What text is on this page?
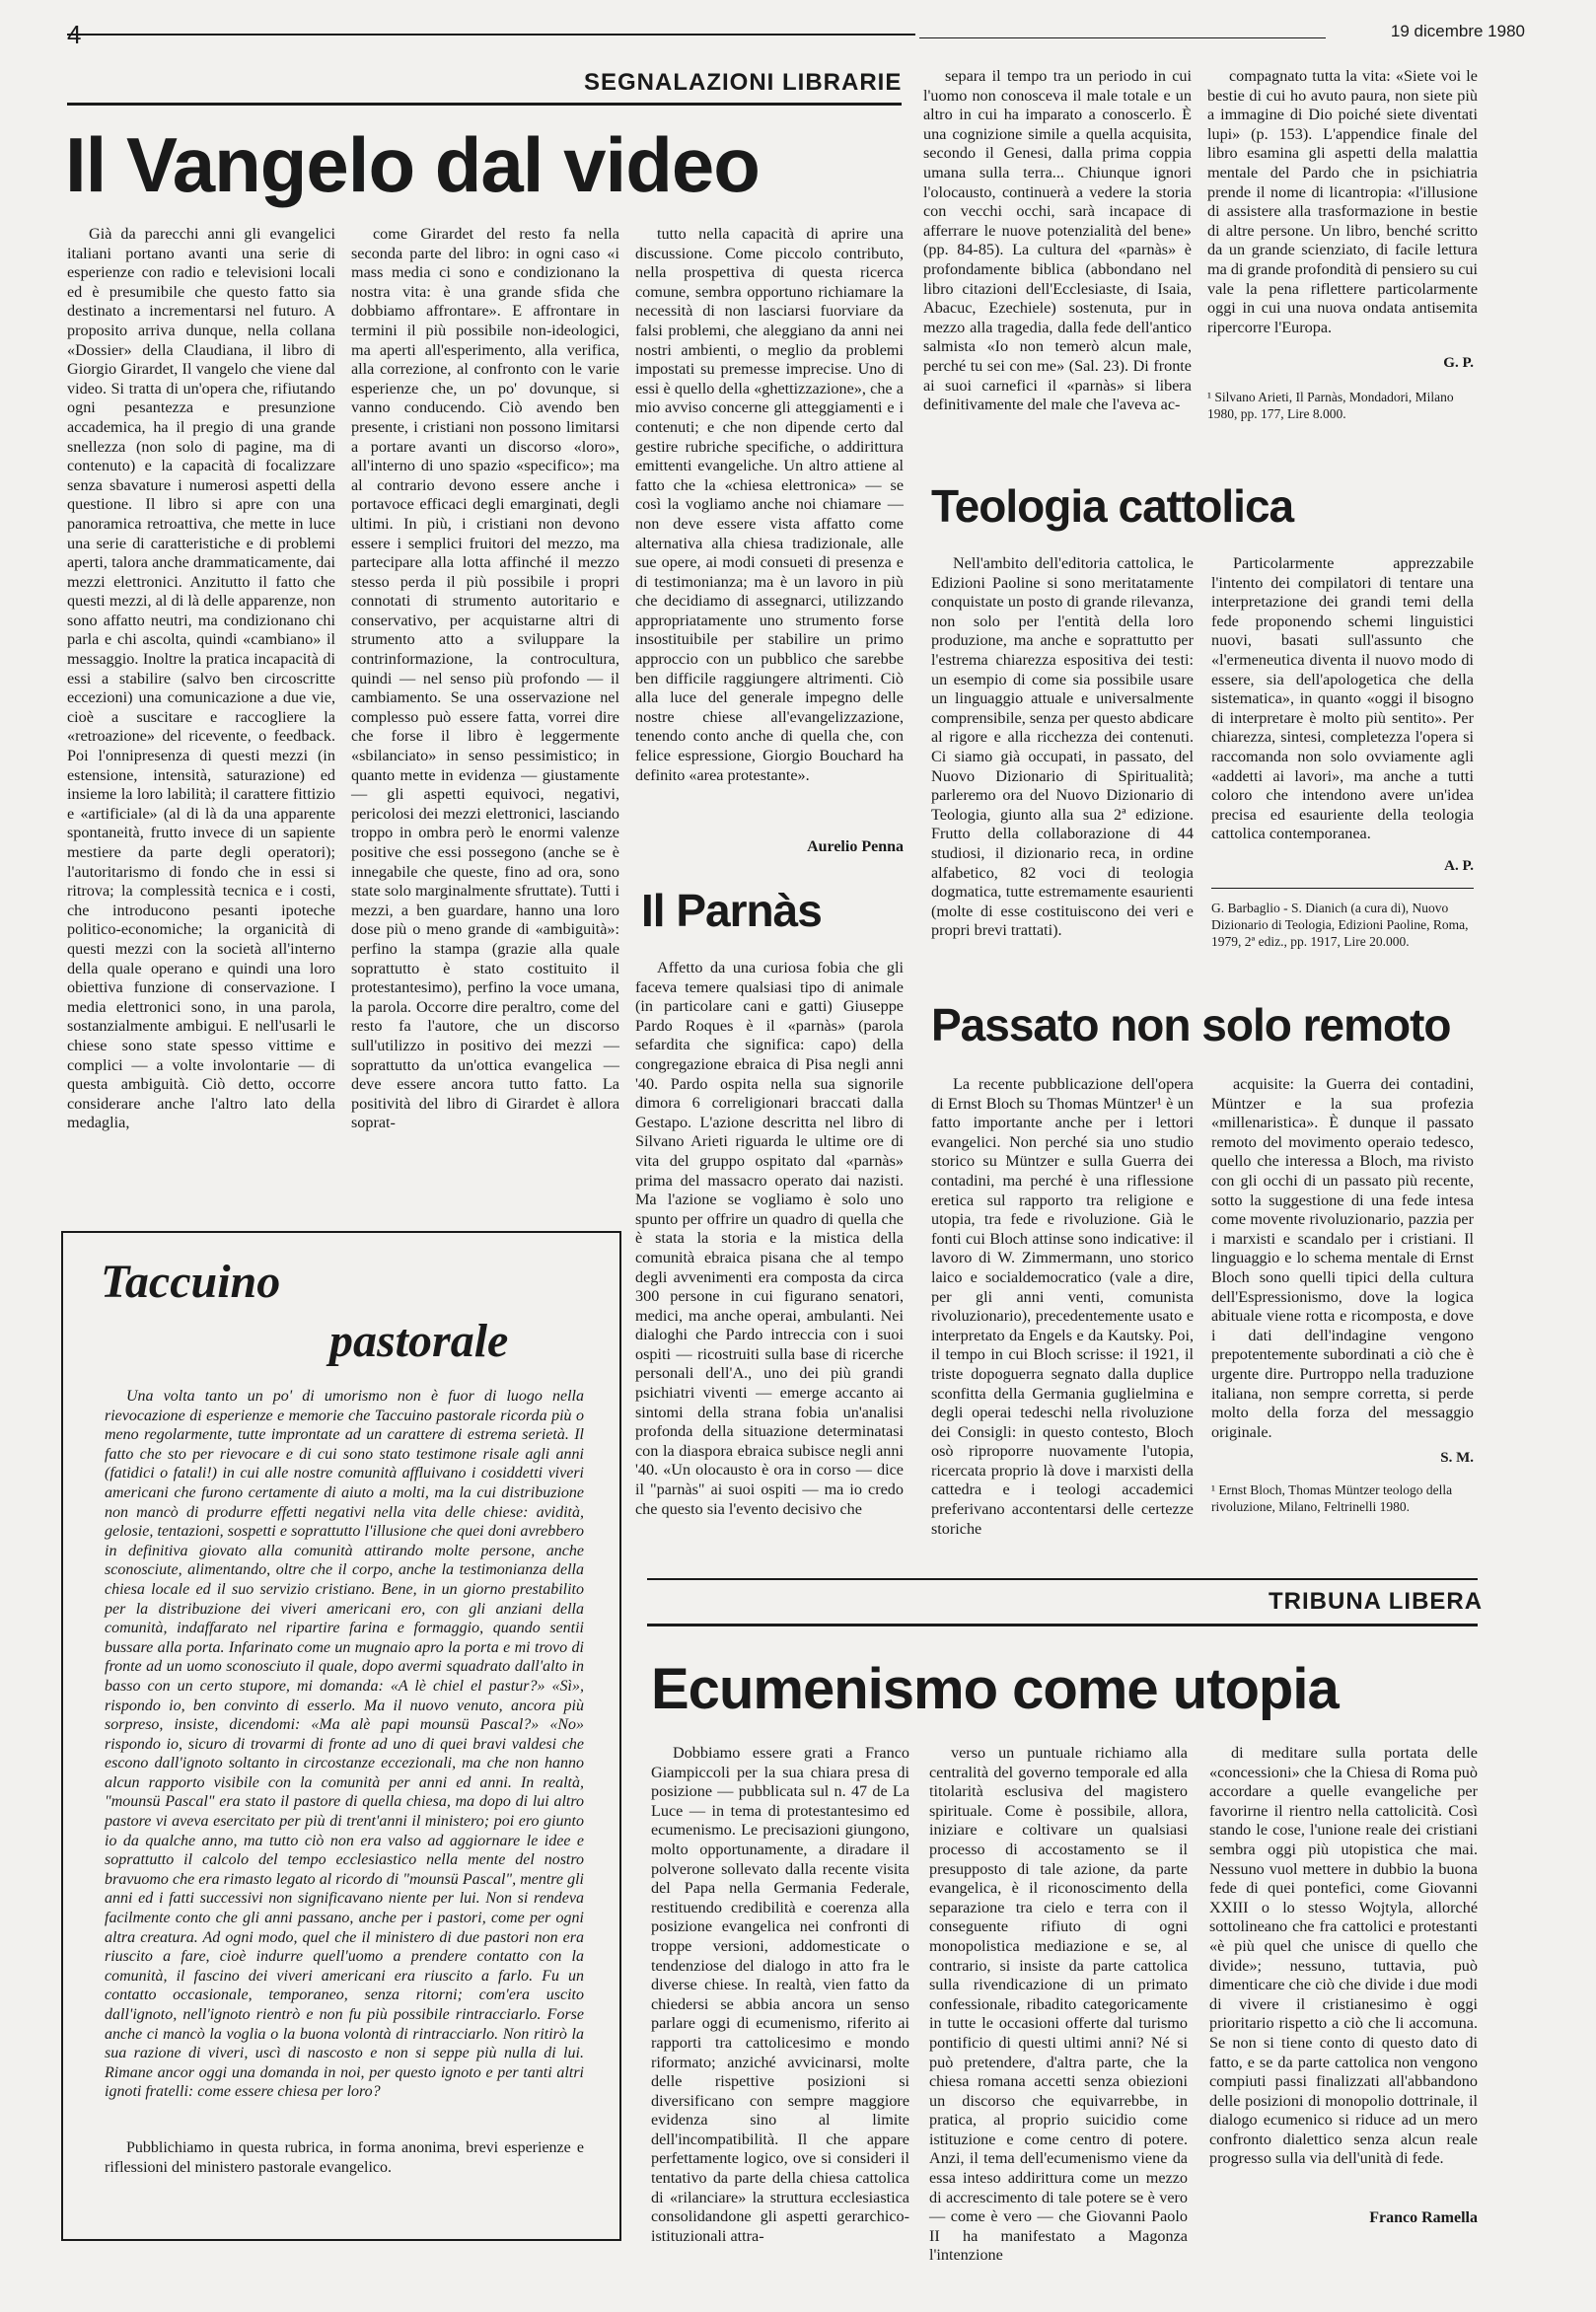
19 dicembre 1980
SEGNALAZIONI LIBRARIE
Il Vangelo dal video

Già da parecchi anni gli evangelici italiani portano avanti una serie di esperienze con radio e televisioni locali ed è presumibile che questo fatto sia destinato a incrementarsi nel futuro. A proposito arriva dunque, nella collana «Dossier» della Claudiana, il libro di Giorgio Girardet, Il vangelo che viene dal video. Si tratta di un'opera che, rifiutando ogni pesantezza e presunzione accademica, ha il pregio di una grande snellezza (non solo di pagine, ma di contenuto) e la capacità di focalizzare senza sbavature i numerosi aspetti della questione. Il libro si apre con una panoramica retroattiva, che mette in luce una serie di caratteristiche e di problemi aperti, talora anche drammaticamente, dai mezzi elettronici. Anzitutto il fatto che questi mezzi, al di là delle apparenze, non sono affatto neutri, ma condizionano chi parla e chi ascolta, quindi «cambiano» il messaggio. Inoltre la pratica incapacità di essi a stabilire (salvo ben circoscritte eccezioni) una comunicazione a due vie, cioè a suscitare e raccogliere la «retroazione» del ricevente, o feedback. Poi l'onnipresenza di questi mezzi (in estensione, intensità, saturazione) ed insieme la loro labilità; il carattere fittizio e «artificiale» (al di là da una apparente spontaneità, frutto invece di un sapiente mestiere da parte degli operatori); l'autoritarismo di fondo che in essi si ritrova; la complessità tecnica e i costi, che introducono pesanti ipoteche politico-economiche; la organicità di questi mezzi con la società all'interno della quale operano e quindi una loro obiettiva funzione di conservazione. I media elettronici sono, in una parola, sostanzialmente ambigui. E nell'usarli le chiese sono state spesso vittime e complici — a volte involontarie — di questa ambiguità. Ciò detto, occorre considerare anche l'altro lato della medaglia,

come Girardet del resto fa nella seconda parte del libro: in ogni caso «i mass media ci sono e condizionano la nostra vita: è una grande sfida che dobbiamo affrontare». E affrontare in termini il più possibile non-ideologici, ma aperti all'esperimento, alla verifica, alla correzione, al confronto con le varie esperienze che, un po' dovunque, si vanno conducendo. Ciò avendo ben presente, i cristiani non possono limitarsi a portare avanti un discorso «loro», all'interno di uno spazio «specifico»; ma al contrario devono essere anche i portavoce efficaci degli emarginati, degli ultimi. In più, i cristiani non devono essere i semplici fruitori del mezzo, ma partecipare alla lotta affinché il mezzo stesso perda il più possibile i propri connotati di strumento autoritario e conservativo, per acquistarne altri di strumento atto a sviluppare la contrinformazione, la controcultura, quindi — nel senso più profondo — il cambiamento. Se una osservazione nel complesso può essere fatta, vorrei dire che forse il libro è leggermente «sbilanciato» in senso pessimistico; in quanto mette in evidenza — giustamente — gli aspetti equivoci, negativi, pericolosi dei mezzi elettronici, lasciando troppo in ombra però le enormi valenze positive che essi possegono (anche se è innegabile che queste, fino ad ora, sono state solo marginalmente sfruttate). Tutti i mezzi, a ben guardare, hanno una loro dose più o meno grande di «ambiguità»: perfino la stampa (grazie alla quale soprattutto è stato costituito il protestantesimo), perfino la voce umana, la parola. Occorre dire peraltro, come del resto fa l'autore, che un discorso sull'utilizzo in positivo dei mezzi — soprattutto da un'ottica evangelica — deve essere ancora tutto fatto. La positività del libro di Girardet è allora soprat-

tutto nella capacità di aprire una discussione. Come piccolo contributo, nella prospettiva di questa ricerca comune, sembra opportuno richiamare la necessità di non lasciarsi fuorviare da falsi problemi, che aleggiano da anni nei nostri ambienti, o meglio da problemi impostati su premesse imprecise. Uno di essi è quello della «ghettizzazione», che a mio avviso concerne gli atteggiamenti e i contenuti; e che non dipende certo dal gestire rubriche specifiche, o addirittura emittenti evangeliche. Un altro attiene al fatto che la «chiesa elettronica» — se così la vogliamo anche noi chiamare — non deve essere vista affatto come alternativa alla chiesa tradizionale, alle sue opere, ai modi consueti di presenza e di testimonianza; ma è un lavoro in più che decidiamo di assegnarci, utilizzando appropriatamente uno strumento forse insostituibile per stabilire un primo approccio con un pubblico che sarebbe ben difficile raggiungere altrimenti. Ciò alla luce del generale impegno delle nostre chiese all'evangelizzazione, tenendo conto anche di quella che, con felice espressione, Giorgio Bouchard ha definito «area protestante».

Aurelio Penna
Taccuino
pastorale

Una volta tanto un po' di umorismo non è fuor di luogo nella rievocazione di esperienze e memorie che Taccuino pastorale ricorda più o meno regolarmente, tutte improntate ad un carattere di estrema serietà. Il fatto che sto per rievocare e di cui sono stato testimone risale agli anni (fatidici o fatali!) in cui alle nostre comunità affluivano i cosiddetti viveri americani che furono certamente di aiuto a molti, ma la cui distribuzione non mancò di produrre effetti negativi nella vita delle chiese: avidità, gelosie, tentazioni, sospetti e soprattutto l'illusione che quei doni avrebbero in definitiva giovato alla comunità attirando molte persone, anche sconosciute, alimentando, oltre che il corpo, anche la testimonianza della chiesa locale ed il suo servizio cristiano. Bene, in un giorno prestabilito per la distribuzione dei viveri americani ero, con gli anziani della comunità, indaffarato nel ripartire farina e formaggio, quando sentii bussare alla porta. Infarinato come un mugnaio apro la porta e mi trovo di fronte ad un uomo sconosciuto il quale, dopo avermi squadrato dall'alto in basso con un certo stupore, mi domanda: «A lè chiel el pastur?» «Sì», rispondo io, ben convinto di esserlo. Ma il nuovo venuto, ancora più sorpreso, insiste, dicendomi: «Ma alè papi mounsü Pascal?» «No» rispondo io, sicuro di trovarmi di fronte ad uno di quei bravi valdesi che escono dall'ignoto soltanto in circostanze eccezionali, ma che non hanno alcun rapporto visibile con la comunità per anni ed anni. In realtà, "mounsü Pascal" era stato il pastore di quella chiesa, ma dopo di lui altro pastore vi aveva esercitato per più di trent'anni il ministero; poi ero giunto io da qualche anno, ma tutto ciò non era valso ad aggiornare le idee e soprattutto il calcolo del tempo ecclesiastico nella mente del nostro bravuomo che era rimasto legato al ricordo di "mounsü Pascal", mentre gli anni ed i fatti successivi non significavano niente per lui. Non si rendeva facilmente conto che gli anni passano, anche per i pastori, come per ogni altra creatura. Ad ogni modo, quel che il ministero di due pastori non era riuscito a fare, cioè indurre quell'uomo a prendere contatto con la comunità, il fascino dei viveri americani era riuscito a farlo. Fu un contatto occasionale, temporaneo, senza ritorni; com'era uscito dall'ignoto, nell'ignoto rientrò e non fu più possibile rintracciarlo. Forse anche ci mancò la voglia o la buona volontà di rintracciarlo. Non ritirò la sua razione di viveri, uscì di nascosto e non si seppe più nulla di lui. Rimane ancor oggi una domanda in noi, per questo ignoto e per tanti altri ignoti fratelli: come essere chiesa per loro?

Pubblichiamo in questa rubrica, in forma anonima, brevi esperienze e riflessioni del ministero pastorale evangelico.
Il Parnàs

Affetto da una curiosa fobia che gli faceva temere qualsiasi tipo di animale (in particolare cani e gatti) Giuseppe Pardo Roques è il «parnàs» (parola sefardita che significa: capo) della congregazione ebraica di Pisa negli anni '40. Pardo ospita nella sua signorile dimora 6 correligionari braccati dalla Gestapo. L'azione descritta nel libro di Silvano Arieti riguarda le ultime ore di vita del gruppo ospitato dal «parnàs» prima del massacro operato dai nazisti. Ma l'azione se vogliamo è solo uno spunto per offrire un quadro di quella che è stata la storia e la mistica della comunità ebraica pisana che al tempo degli avvenimenti era composta da circa 300 persone in cui figurano senatori, medici, ma anche operai, ambulanti. Nei dialoghi che Pardo intreccia con i suoi ospiti — ricostruiti sulla base di ricerche personali dell'A., uno dei più grandi psichiatri viventi — emerge accanto ai sintomi della strana fobia un'analisi profonda della situazione determinatasi con la diaspora ebraica subisce negli anni '40. «Un olocausto è ora in corso — dice il "parnàs" ai suoi ospiti — ma io credo che questo sia l'evento decisivo che

separa il tempo tra un periodo in cui l'uomo non conosceva il male totale e un altro in cui ha imparato a conoscerlo. È una cognizione simile a quella acquisita, secondo il Genesi, dalla prima coppia umana sulla terra... Chiunque ignori l'olocausto, continuerà a vedere la storia con vecchi occhi, sarà incapace di afferrare le nuove potenzialità del bene» (pp. 84-85). La cultura del «parnàs» è profondamente biblica (abbondano nel libro citazioni dell'Ecclesiaste, di Isaia, Abacuc, Ezechiele) sostenuta, pur in mezzo alla tragedia, dalla fede dell'antico salmista «Io non temerò alcun male, perché tu sei con me» (Sal. 23). Di fronte ai suoi carnefici il «parnàs» si libera definitivamente del male che l'aveva ac-

compagnato tutta la vita: «Siete voi le bestie di cui ho avuto paura, non siete più a immagine di Dio poiché siete diventati lupi» (p. 153). L'appendice finale del libro esamina gli aspetti della malattia mentale del Pardo che in psichiatria prende il nome di licantropia: «l'illusione di assistere alla trasformazione in bestie di altre persone. Un libro, benché scritto da un grande scienziato, di facile lettura ma di grande profondità di pensiero su cui vale la pena riflettere particolarmente oggi in cui una nuova ondata antisemita ripercorre l'Europa.

G. P.
¹ Silvano Arieti, Il Parnàs, Mondadori, Milano 1980, pp. 177, Lire 8.000.
Teologia cattolica

Nell'ambito dell'editoria cattolica, le Edizioni Paoline si sono meritatamente conquistate un posto di grande rilevanza, non solo per l'entità della loro produzione, ma anche e soprattutto per l'estrema chiarezza espositiva dei testi: un esempio di come sia possibile usare un linguaggio attuale e universalmente comprensibile, senza per questo abdicare al rigore e alla ricchezza dei contenuti. Ci siamo già occupati, in passato, del Nuovo Dizionario di Spiritualità; parleremo ora del Nuovo Dizionario di Teologia, giunto alla sua 2ª edizione. Frutto della collaborazione di 44 studiosi, il dizionario reca, in ordine alfabetico, 82 voci di teologia dogmatica, tutte estremamente esaurienti (molte di esse costituiscono dei veri e propri brevi trattati).

Particolarmente apprezzabile l'intento dei compilatori di tentare una interpretazione dei grandi temi della fede proponendo schemi linguistici nuovi, basati sull'assunto che «l'ermeneutica diventa il nuovo modo di essere, sia dell'apologetica che della sistematica», in quanto «oggi il bisogno di interpretare è molto più sentito». Per chiarezza, sintesi, completezza l'opera si raccomanda non solo ovviamente agli «addetti ai lavori», ma anche a tutti coloro che intendono avere un'idea precisa ed esauriente della teologia cattolica contemporanea.

A. P.
G. Barbaglio - S. Dianich (a cura di), Nuovo Dizionario di Teologia, Edizioni Paoline, Roma, 1979, 2ª ediz., pp. 1917, Lire 20.000.
Passato non solo remoto

La recente pubblicazione dell'opera di Ernst Bloch su Thomas Müntzer¹ è un fatto importante anche per i lettori evangelici. Non perché sia uno studio storico su Müntzer e sulla Guerra dei contadini, ma perché è una riflessione eretica sul rapporto tra religione e utopia, tra fede e rivoluzione. Già le fonti cui Bloch attinse sono indicative: il lavoro di W. Zimmermann, uno storico laico e socialdemocratico (vale a dire, per gli anni venti, comunista rivoluzionario), precedentemente usato e interpretato da Engels e da Kautsky. Poi, il tempo in cui Bloch scrisse: il 1921, il triste dopoguerra segnato dalla duplice sconfitta della Germania guglielmina e degli operai tedeschi nella rivoluzione dei Consigli: in questo contesto, Bloch osò riproporre nuovamente l'utopia, ricercata proprio là dove i marxisti della cattedra e i teologi accademici preferivano accontentarsi delle certezze storiche

acquisite: la Guerra dei contadini, Müntzer e la sua profezia «millenaristica». È dunque il passato remoto del movimento operaio tedesco, quello che interessa a Bloch, ma rivisto con gli occhi di un passato più recente, sotto la suggestione di una fede intesa come movente rivoluzionario, pazzia per i marxisti e scandalo per i cristiani. Il linguaggio e lo schema mentale di Ernst Bloch sono quelli tipici della cultura dell'Espressionismo, dove la logica abituale viene rotta e ricomposta, e dove i dati dell'indagine vengono prepotentemente subordinati a ciò che è urgente dire. Purtroppo nella traduzione italiana, non sempre corretta, si perde molto della forza del messaggio originale.

S. M.
¹ Ernst Bloch, Thomas Müntzer teologo della rivoluzione, Milano, Feltrinelli 1980.
TRIBUNA LIBERA
Ecumenismo come utopia

Dobbiamo essere grati a Franco Giampiccoli per la sua chiara presa di posizione — pubblicata sul n. 47 de La Luce — in tema di protestantesimo ed ecumenismo. Le precisazioni giungono, molto opportunamente, a diradare il polverone sollevato dalla recente visita del Papa nella Germania Federale, restituendo credibilità e coerenza alla posizione evangelica nei confronti di troppe versioni, addomesticate o tendenziose del dialogo in atto fra le diverse chiese. In realtà, vien fatto da chiedersi se abbia ancora un senso parlare oggi di ecumenismo, riferito ai rapporti tra cattolicesimo e mondo riformato; anziché avvicinarsi, molte delle rispettive posizioni si diversificano con sempre maggiore evidenza sino al limite dell'incompatibilità. Il che appare perfettamente logico, ove si consideri il tentativo da parte della chiesa cattolica di «rilanciare» la struttura ecclesiastica consolidandone gli aspetti gerarchico-istituzionali attra-

verso un puntuale richiamo alla centralità del governo temporale ed alla titolarità esclusiva del magistero spirituale. Come è possibile, allora, iniziare e coltivare un qualsiasi processo di accostamento se il presupposto di tale azione, da parte evangelica, è il riconoscimento della separazione tra cielo e terra con il conseguente rifiuto di ogni monopolistica mediazione e se, al contrario, si insiste da parte cattolica sulla rivendicazione di un primato confessionale, ribadito categoricamente in tutte le occasioni offerte dal turismo pontificio di questi ultimi anni? Né si può pretendere, d'altra parte, che la chiesa romana accetti senza obiezioni un discorso che equivarrebbe, in pratica, al proprio suicidio come istituzione e come centro di potere. Anzi, il tema dell'ecumenismo viene da essa inteso addirittura come un mezzo di accrescimento di tale potere se è vero — come è vero — che Giovanni Paolo II ha manifestato a Magonza l'intenzione

di meditare sulla portata delle «concessioni» che la Chiesa di Roma può accordare a quelle evangeliche per favorirne il rientro nella cattolicità. Così stando le cose, l'unione reale dei cristiani sembra oggi più utopistica che mai. Nessuno vuol mettere in dubbio la buona fede di quei pontefici, come Giovanni XXIII o lo stesso Wojtyla, allorché sottolineano che fra cattolici e protestanti «è più quel che unisce di quello che divide»; nessuno, tuttavia, può dimenticare che ciò che divide i due modi di vivere il cristianesimo è oggi prioritario rispetto a ciò che li accomuna. Se non si tiene conto di questo dato di fatto, e se da parte cattolica non vengono compiuti passi finalizzati all'abbandono delle posizioni di monopolio dottrinale, il dialogo ecumenico si riduce ad un mero confronto dialettico senza alcun reale progresso sulla via dell'unità di fede.

Franco Ramella
